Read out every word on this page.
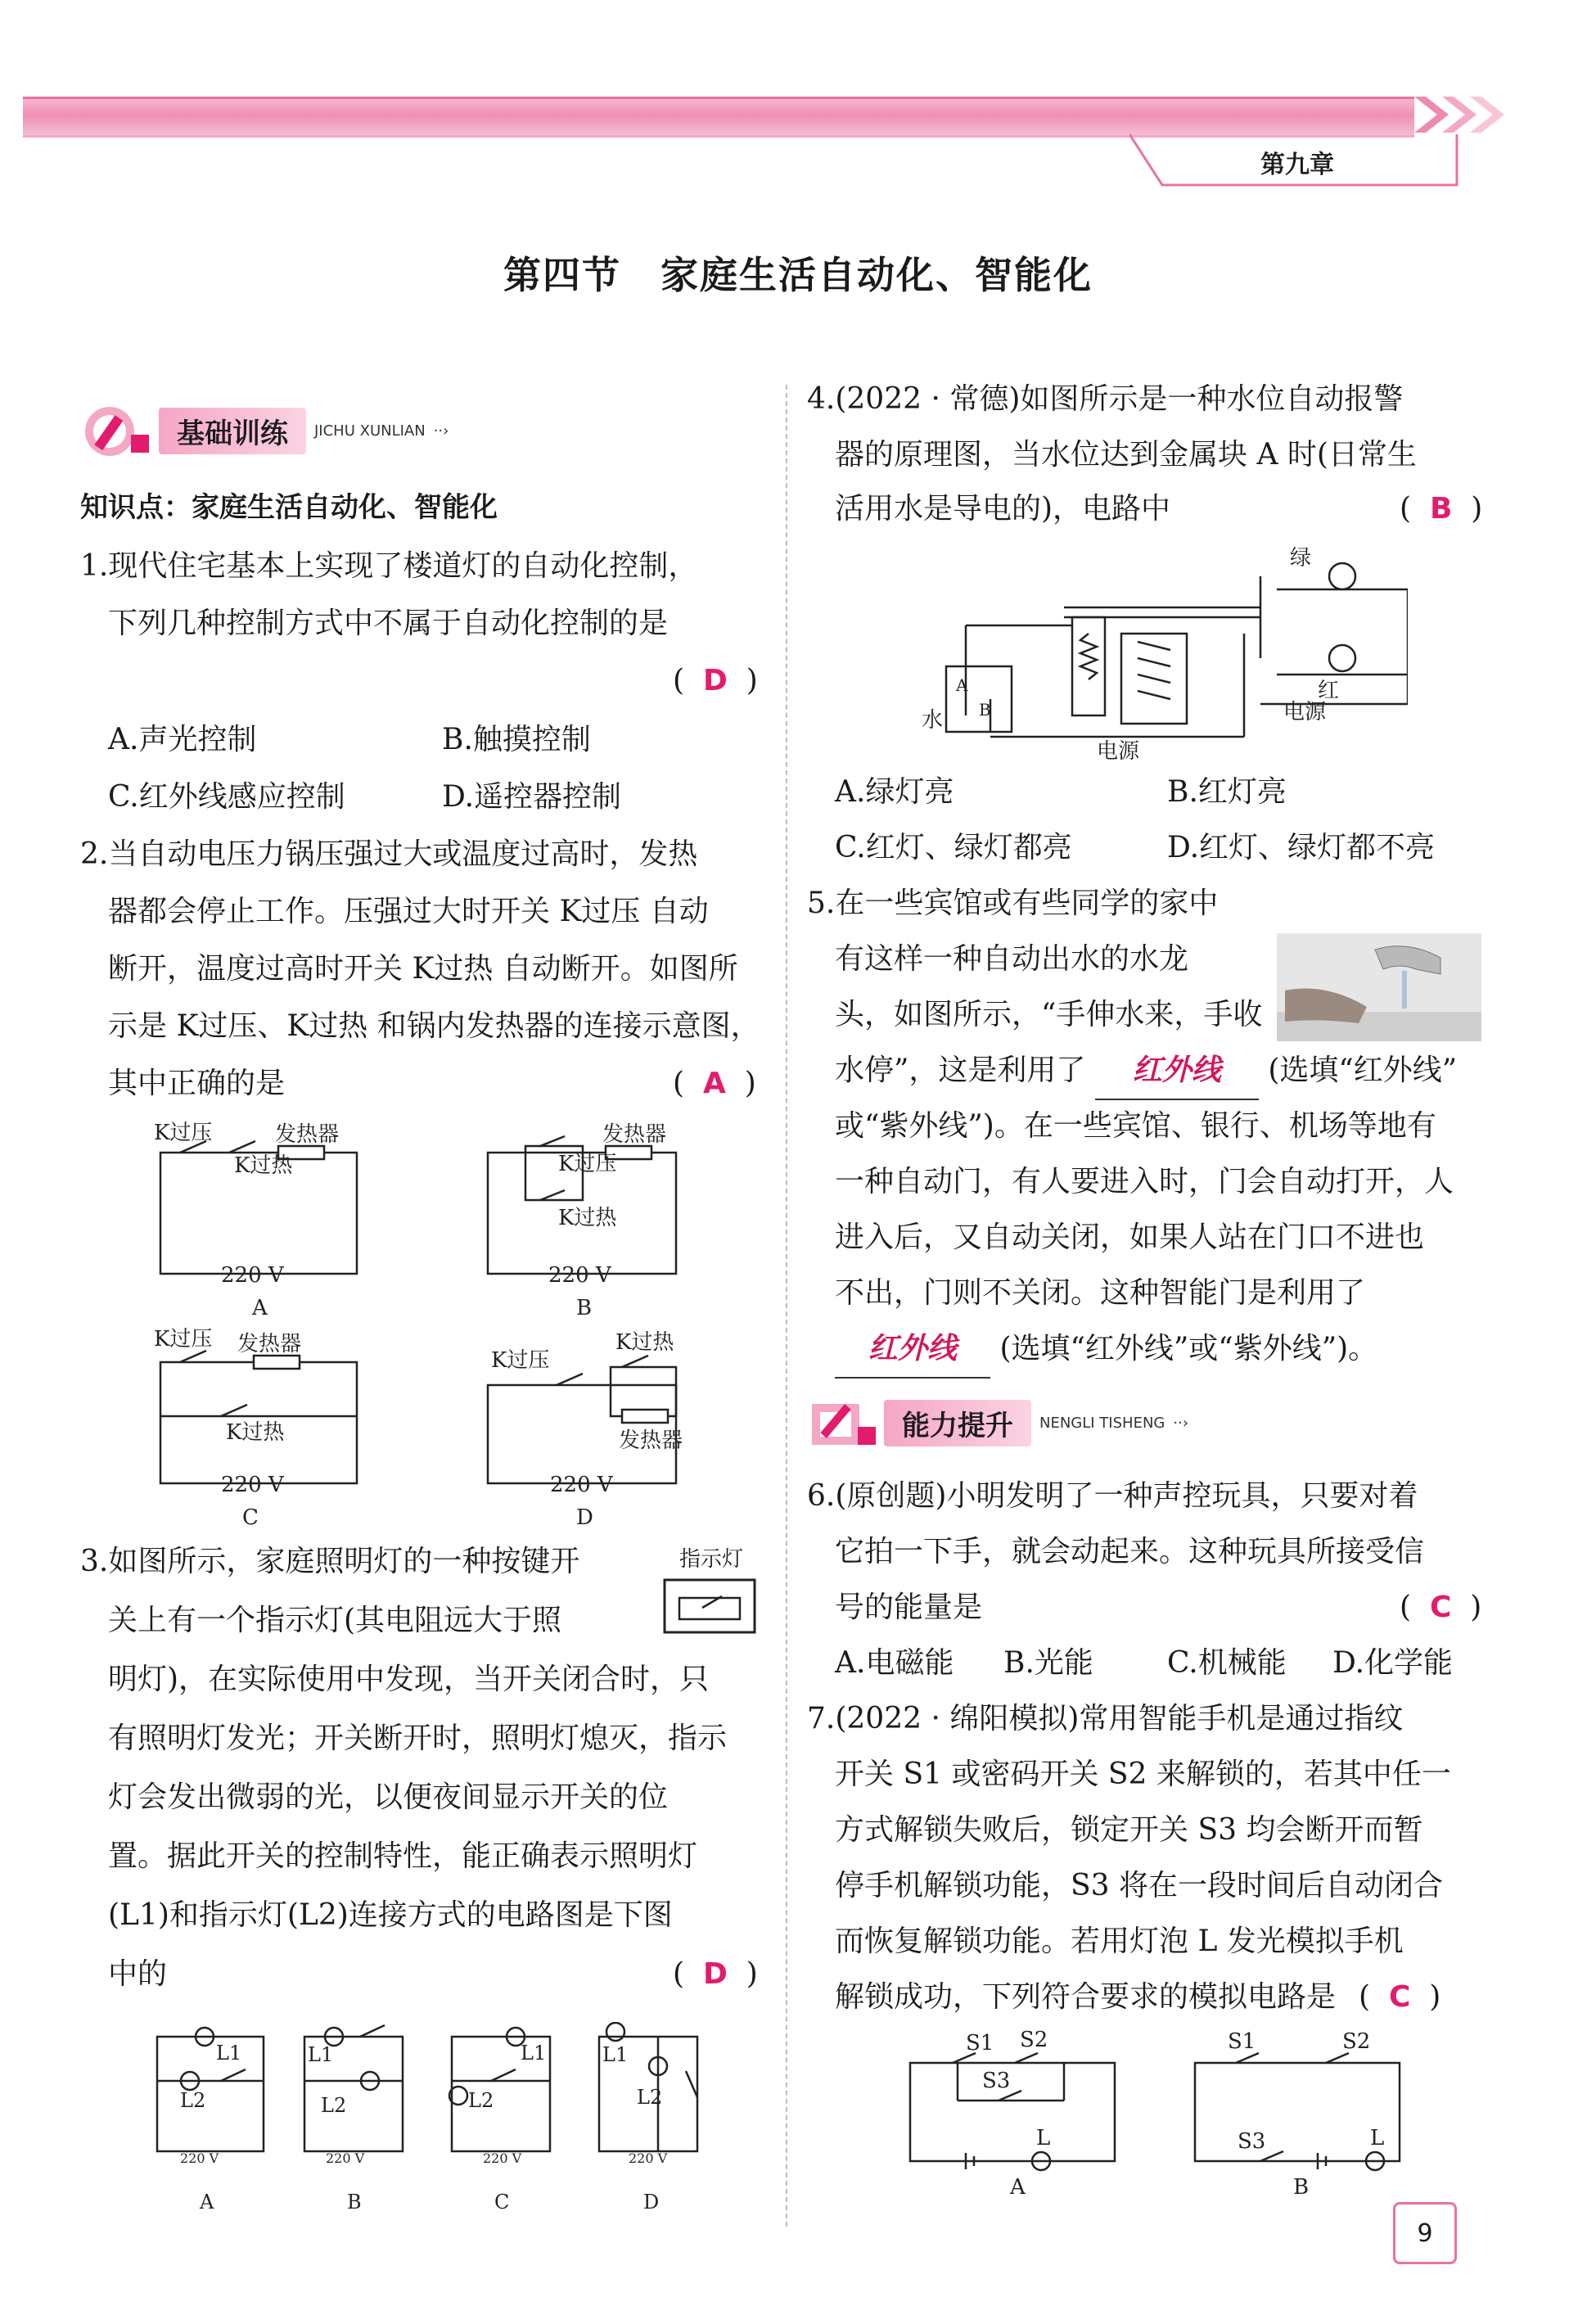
第九章
第四节　家庭生活自动化、智能化
基础训练	JICHU XUNLIAN ··›
知识点：家庭生活自动化、智能化
1.现代住宅基本上实现了楼道灯的自动化控制，
下列几种控制方式中不属于自动化控制的是
(  D  )
A.声光控制	B.触摸控制
C.红外线感应控制	D.遥控器控制
2.当自动电压力锅压强过大或温度过高时，发热
器都会停止工作。压强过大时开关 K过压 自动
断开，温度过高时开关 K过热 自动断开。如图所
示是 K过压、K过热 和锅内发热器的连接示意图，
其中正确的是	(  A  )
K过压
K过热
发热器
220 V
A
K过压
K过热
发热器
220 V
B
K过压 发热器
K过热
220 V
C
K过压
K过热
发热器
220 V
D
3.如图所示，家庭照明灯的一种按键开
关上有一个指示灯(其电阻远大于照
明灯)，在实际使用中发现，当开关闭合时，只
有照明灯发光；开关断开时，照明灯熄灭，指示
灯会发出微弱的光，以便夜间显示开关的位
置。据此开关的控制特性，能正确表示照明灯
(L1)和指示灯(L2)连接方式的电路图是下图
中的	(  D  )
指示灯
L1
L2
220 V
A
L1
L2
220 V
B
L1
L2
220 V
C
L1
L2
220 V
D
4.(2022 · 常德)如图所示是一种水位自动报警
器的原理图，当水位达到金属块 A 时(日常生
活用水是导电的)，电路中	(  B  )
绿
红
电源
电源
水
A
B
A.绿灯亮	B.红灯亮
C.红灯、绿灯都亮	D.红灯、绿灯都不亮
5.在一些宾馆或有些同学的家中
有这样一种自动出水的水龙
头，如图所示，“手伸水来，手收
水停”，这是利用了 红外线 (选填“红外线”
或“紫外线”)。在一些宾馆、银行、机场等地有
一种自动门，有人要进入时，门会自动打开，人
进入后，又自动关闭，如果人站在门口不进也
不出，门则不关闭。这种智能门是利用了
红外线 (选填“红外线”或“紫外线”)。
能力提升	NENGLI TISHENG ··›
6.(原创题)小明发明了一种声控玩具，只要对着
它拍一下手，就会动起来。这种玩具所接受信
号的能量是	(  C  )
A.电磁能 B.光能	C.机械能 D.化学能
7.(2022 · 绵阳模拟)常用智能手机是通过指纹
开关 S1 或密码开关 S2 来解锁的，若其中任一
方式解锁失败后，锁定开关 S3 均会断开而暂
停手机解锁功能，S3 将在一段时间后自动闭合
而恢复解锁功能。若用灯泡 L 发光模拟手机
解锁成功，下列符合要求的模拟电路是 (  C  )
S1 S2
S3
L
A
S1	S2
S3	L
B
9
